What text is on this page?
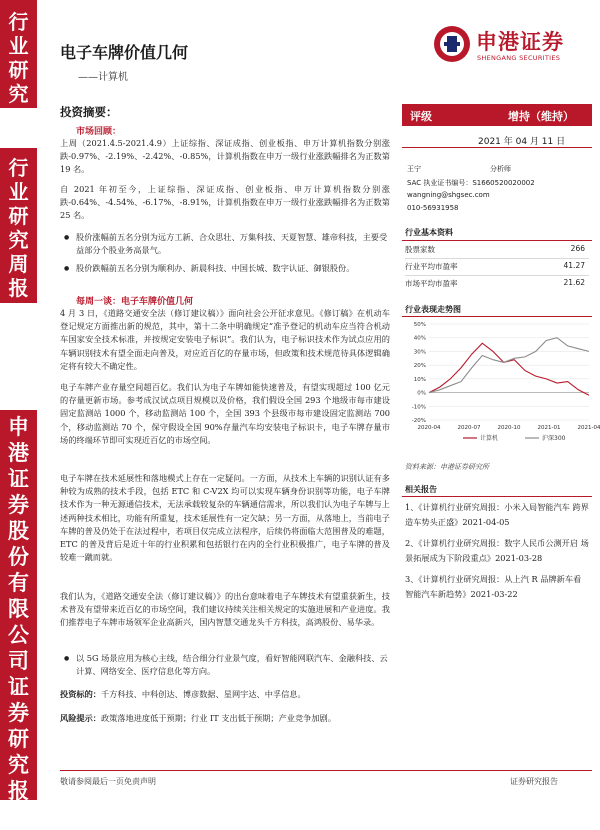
行
业
研
究
行
业
研
究
周
报
申
港
证
券
股
份
有
限
公
司
证
券
研
究
报
告
电子车牌价值几何
——计算机
申港证券
SHENGANG SECURITIES
投资摘要：
市场回顾：
上周（2021.4.5-2021.4.9）上证综指、深证成指、创业板指、申万计算机指数分别涨跌-0.97%、-2.19%、-2.42%、-0.85%，计算机指数在申万一级行业涨跌幅排名为正数第 19 名。
自 2021 年初至今，上证综指、深证成指、创业板指、申万计算机指数分别涨跌-0.64%、-4.54%、-6.17%、-8.91%，计算机指数在申万一级行业涨跌幅排名为正数第 25 名。
● 股价涨幅前五名分别为远方工新、合众思壮、万集科技、天夏智慧、雄帝科技，主要受益部分个股业务高景气。
● 股价跌幅前五名分别为顺利办、新晨科技、中国长城、数字认证、御银股份。
每周一谈：电子车牌价值几何
4 月 3 日，《道路交通安全法（修订建议稿）》面向社会公开征求意见。《修订稿》在机动车登记规定方面推出新的规范，其中，第十二条中明确规定“准予登记的机动车应当符合机动车国家安全技术标准，并按规定安装电子标识”。我们认为，电子标识技术作为试点应用的车辆识别技术有望全面走向普及，对应近百亿的存量市场，但政策和技术规范待具体逻辑确定将有较大不确定性。
电子车牌产业存量空间超百亿。我们认为电子车牌如能快速普及，有望实现超过 100 亿元的存量更新市场。参考成汉试点项目规模以及价格，我们假设全国 293 个地级市每市建设固定监测站 1000 个，移动监测站 100 个，全国 393 个县级市每市建设固定监测站 700 个，移动监测站 70 个，保守假设全国 90%存量汽车均安装电子标识卡，电子车牌存量市场的终端环节即可实现近百亿的市场空间。
电子车牌在技术延展性和落地模式上存在一定疑问。一方面，从技术上车辆的识别认证有多种较为成熟的技术手段，包括 ETC 和 C-V2X 均可以实现车辆身份识别等功能，电子车牌技术作为一种无源通信技术，无法承载较复杂的车辆通信需求，所以我们认为电子车牌与上述两种技术相比，功能有所重复，技术延展性有一定欠缺；另一方面，从落地上，当前电子车牌的普及仍处于在法过程中，若项目仅完成立法程序，后续仍将面临大范围普及的难题，ETC 的普及背后是近十年的行业积累和包括银行在内的全行业积极推广，电子车牌的普及较难一蹴而就。
我们认为，《道路交通安全法（修订建议稿）》的出台意味着电子车牌技术有望重获新生，技术普及有望带来近百亿的市场空间，我们建议持续关注相关规定的实施进展和产业进度。我们推荐电子车牌市场领军企业高新兴，国内智慧交通龙头千方科技，高鸿股份、易华录。
● 以 5G 场景应用为核心主线，结合细分行业景气度，看好智能网联汽车、金融科技、云计算、网络安全、医疗信息化等方向。
投资标的：千方科技、中科创达、博彦数据、星网宇达、中孚信息。
风险提示：政策落地进度低于预期；行业 IT 支出低于预期；产业竞争加剧。
评级	增持（维持）
2021 年 04 月 11 日
王宁	分析师
SAC 执业证书编号：S1660520020002
wangning@shgsec.com
010-56931958
行业基本资料
股票家数	266
行业平均市盈率	41.27
市场平均市盈率	21.62
行业表现走势图
50%
40%
30%
20%
10%
0%
-10%
-20%
2020-04	2020-07	2020-10	2021-01	2021-04
计算机	沪深300
资料来源：申港证券研究所
相关报告
1、《计算机行业研究周报：小米入局智能汽车 跨界造车势头正盛》2021-04-05
2、《计算机行业研究周报：数字人民币公测开启 场景拓展成为下阶段重点》2021-03-28
3、《计算机行业研究周报：从上汽 R 品牌新车看智能汽车新趋势》2021-03-22
敬请参阅最后一页免责声明	证券研究报告
